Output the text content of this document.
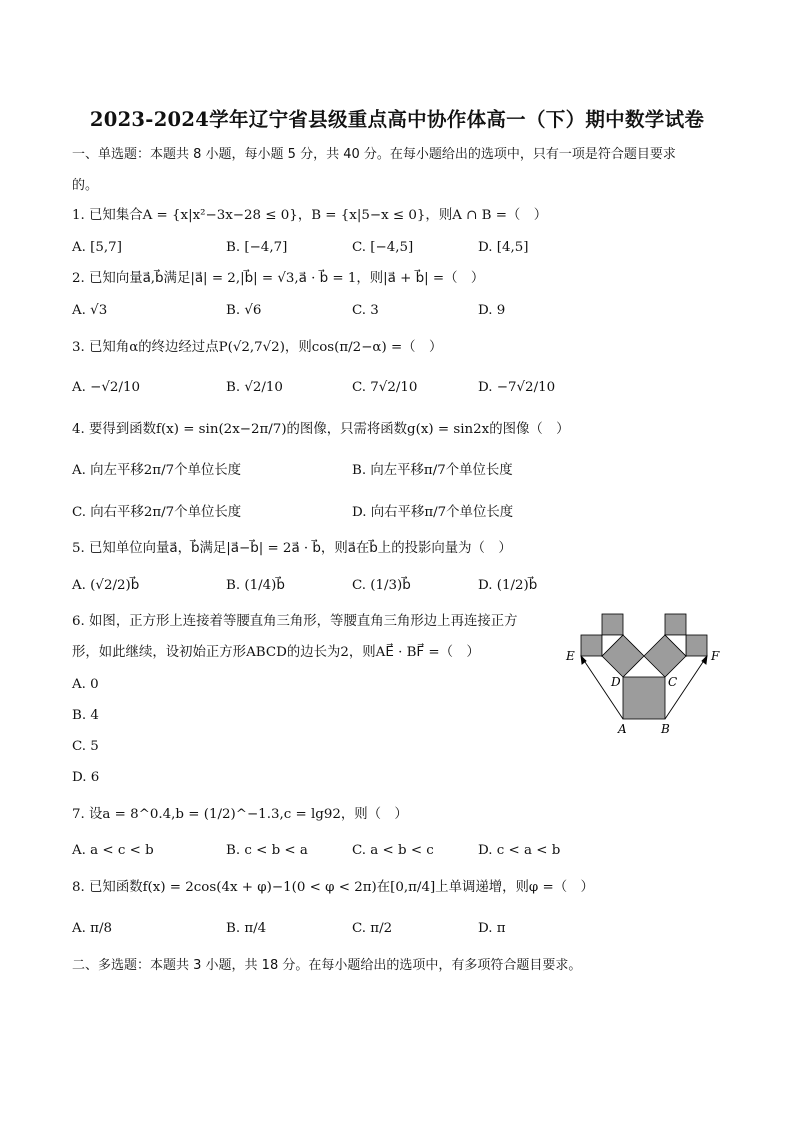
2023-2024学年辽宁省县级重点高中协作体高一（下）期中数学试卷
一、单选题：本题共 8 小题，每小题 5 分，共 40 分。在每小题给出的选项中，只有一项是符合题目要求
的。
1. 已知集合A = {x|x²−3x−28 ≤ 0}，B = {x|5−x ≤ 0}，则A ∩ B =（　）
A. [5,7]	B. [−4,7]	C. [−4,5]	D. [4,5]
2. 已知向量a⃗,b⃗满足|a⃗| = 2,|b⃗| = √3,a⃗ · b⃗ = 1，则|a⃗ + b⃗| =（　）
A. √3	B. √6	C. 3	D. 9
3. 已知角α的终边经过点P(√2,7√2)，则cos(π/2−α) =（　）
A. −√2/10	B. √2/10	C. 7√2/10	D. −7√2/10
4. 要得到函数f(x) = sin(2x−2π/7)的图像，只需将函数g(x) = sin2x的图像（　）
A. 向左平移2π/7个单位长度	B. 向左平移π/7个单位长度
C. 向右平移2π/7个单位长度	D. 向右平移π/7个单位长度
5. 已知单位向量a⃗，b⃗满足|a⃗−b⃗| = 2a⃗ · b⃗，则a⃗在b⃗上的投影向量为（　）
A. (√2/2)b⃗	B. (1/4)b⃗	C. (1/3)b⃗	D. (1/2)b⃗
6. 如图，正方形上连接着等腰直角三角形，等腰直角三角形边上再连接正方
形，如此继续，设初始正方形ABCD的边长为2，则AE⃗ · BF⃗ =（　）
A. 0
B. 4
C. 5
D. 6
E	F
D	C
A	B
7. 设a = 8^0.4,b = (1/2)^−1.3,c = lg92，则（　）
A. a < c < b	B. c < b < a	C. a < b < c	D. c < a < b
8. 已知函数f(x) = 2cos(4x + φ)−1(0 < φ < 2π)在[0,π/4]上单调递增，则φ =（　）
A. π/8	B. π/4	C. π/2	D. π
二、多选题：本题共 3 小题，共 18 分。在每小题给出的选项中，有多项符合题目要求。
